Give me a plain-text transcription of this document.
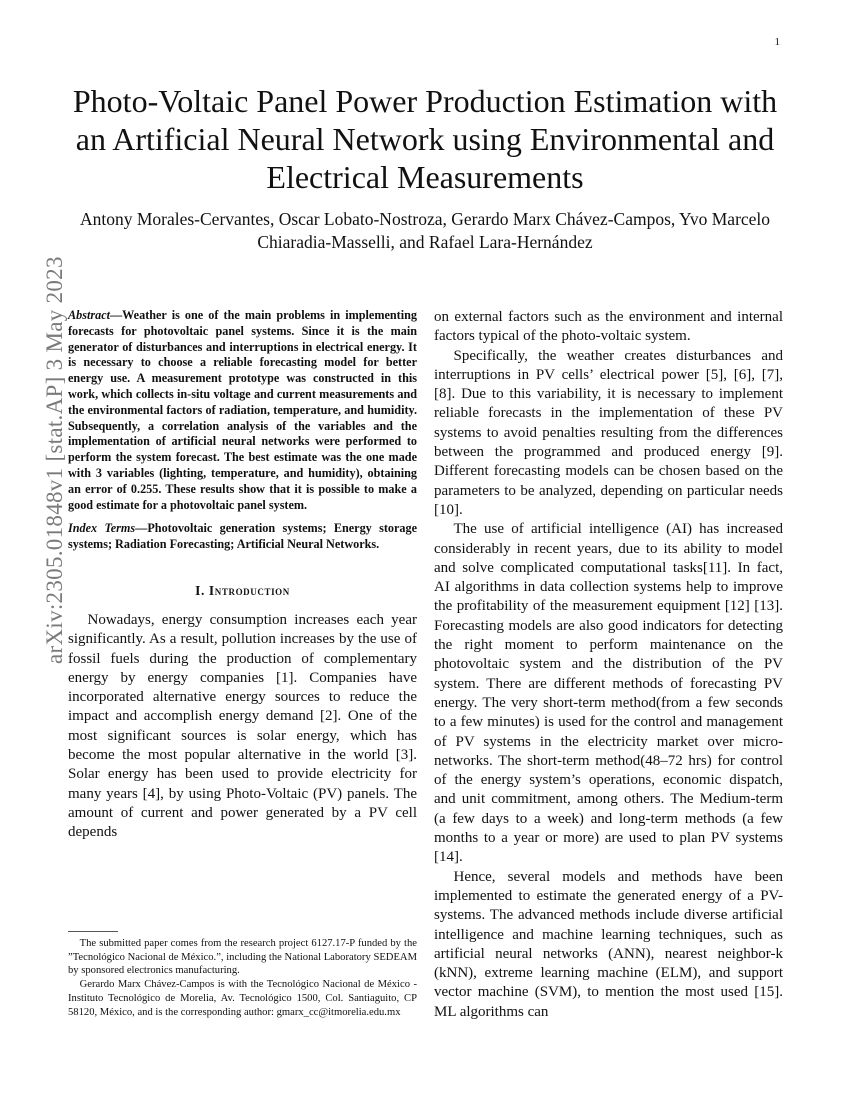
1
arXiv:2305.01848v1 [stat.AP] 3 May 2023
Photo-Voltaic Panel Power Production Estimation with an Artificial Neural Network using Environmental and Electrical Measurements

Antony Morales-Cervantes, Oscar Lobato-Nostroza, Gerardo Marx Chávez-Campos, Yvo Marcelo Chiaradia-Masselli, and Rafael Lara-Hernández

Abstract—Weather is one of the main problems in implementing forecasts for photovoltaic panel systems. Since it is the main generator of disturbances and interruptions in electrical energy. It is necessary to choose a reliable forecasting model for better energy use. A measurement prototype was constructed in this work, which collects in-situ voltage and current measurements and the environmental factors of radiation, temperature, and humidity. Subsequently, a correlation analysis of the variables and the implementation of artificial neural networks were performed to perform the system forecast. The best estimate was the one made with 3 variables (lighting, temperature, and humidity), obtaining an error of 0.255. These results show that it is possible to make a good estimate for a photovoltaic panel system.

Index Terms—Photovoltaic generation systems; Energy storage systems; Radiation Forecasting; Artificial Neural Networks.

I. Introduction

Nowadays, energy consumption increases each year significantly. As a result, pollution increases by the use of fossil fuels during the production of complementary energy by energy companies [1]. Companies have incorporated alternative energy sources to reduce the impact and accomplish energy demand [2]. One of the most significant sources is solar energy, which has become the most popular alternative in the world [3]. Solar energy has been used to provide electricity for many years [4], by using Photo-Voltaic (PV) panels. The amount of current and power generated by a PV cell depends

on external factors such as the environment and internal factors typical of the photo-voltaic system.

Specifically, the weather creates disturbances and interruptions in PV cells’ electrical power [5], [6], [7], [8]. Due to this variability, it is necessary to implement reliable forecasts in the implementation of these PV systems to avoid penalties resulting from the differences between the programmed and produced energy [9]. Different forecasting models can be chosen based on the parameters to be analyzed, depending on particular needs [10].

The use of artificial intelligence (AI) has increased considerably in recent years, due to its ability to model and solve complicated computational tasks[11]. In fact, AI algorithms in data collection systems help to improve the profitability of the measurement equipment [12] [13]. Forecasting models are also good indicators for detecting the right moment to perform maintenance on the photovoltaic system and the distribution of the PV system. There are different methods of forecasting PV energy. The very short-term method(from a few seconds to a few minutes) is used for the control and management of PV systems in the electricity market over micro-networks. The short-term method(48–72 hrs) for control of the energy system’s operations, economic dispatch, and unit commitment, among others. The Medium-term (a few days to a week) and long-term methods (a few months to a year or more) are used to plan PV systems [14].

Hence, several models and methods have been implemented to estimate the generated energy of a PV-systems. The advanced methods include diverse artificial intelligence and machine learning techniques, such as artificial neural networks (ANN), nearest neighbor-k (kNN), extreme learning machine (ELM), and support vector machine (SVM), to mention the most used [15]. ML algorithms can

The submitted paper comes from the research project 6127.17-P funded by the ”Tecnológico Nacional de México.”, including the National Laboratory SEDEAM by sponsored electronics manufacturing.

Gerardo Marx Chávez-Campos is with the Tecnológico Nacional de México - Instituto Tecnológico de Morelia, Av. Tecnológico 1500, Col. Santiaguito, CP 58120, México, and is the corresponding author: gmarx_cc@itmorelia.edu.mx
